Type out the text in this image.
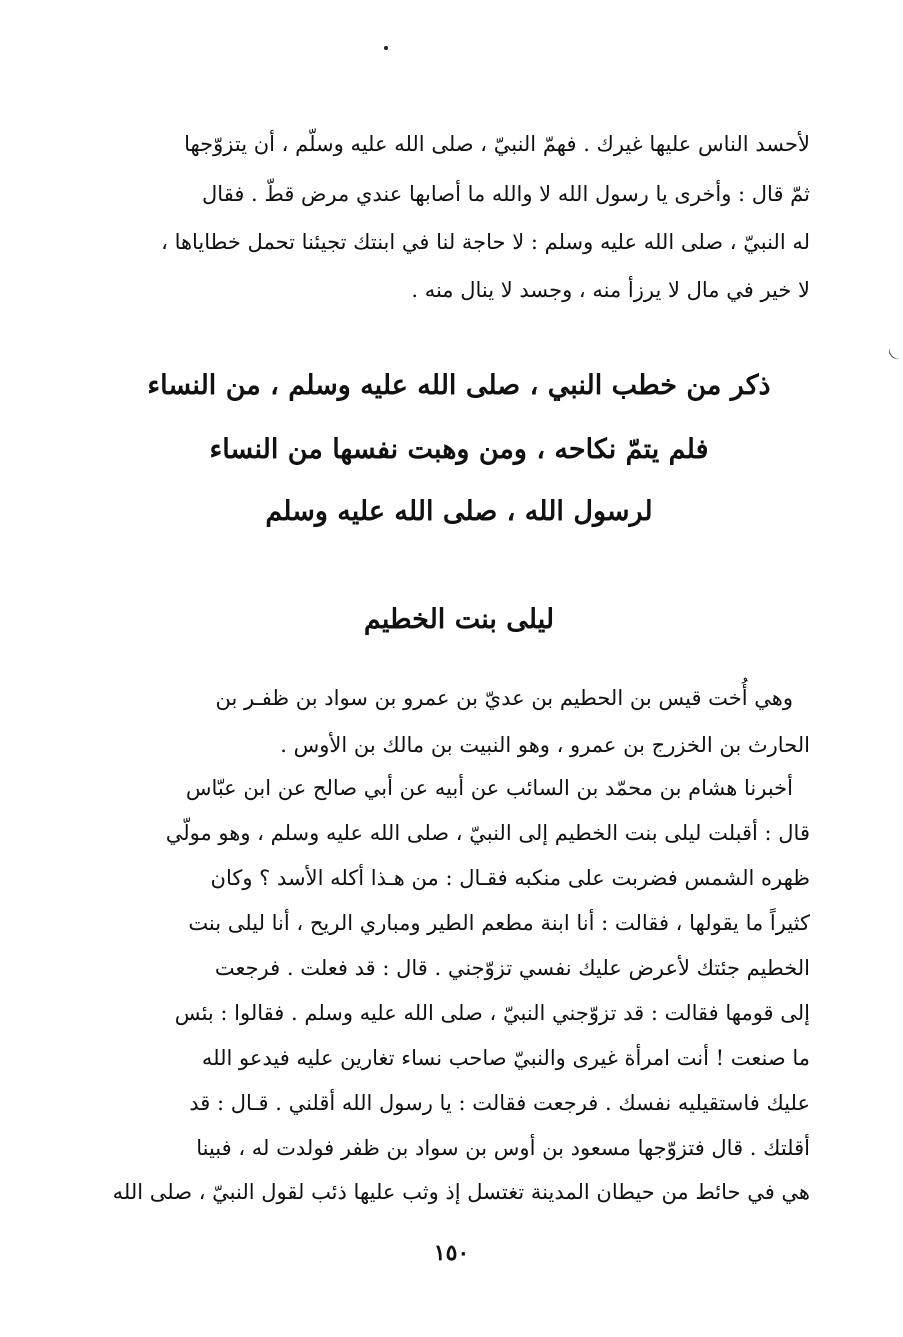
لأحسد الناس عليها غيرك . فهمّ النبيّ ، صلى الله عليه وسلّم ، أن يتزوّجها
ثمّ قال : وأخرى يا رسول الله لا والله ما أصابها عندي مرض قطّ . فقال
له النبيّ ، صلى الله عليه وسلم : لا حاجة لنا في ابنتك تجيئنا تحمل خطاياها ،
لا خير في مال لا يرزأ منه ، وجسد لا ينال منه .
ذكر من خطب النبي ، صلى الله عليه وسلم ، من النساء
فلم يتمّ نكاحه ، ومن وهبت نفسها من النساء
لرسول الله ، صلى الله عليه وسلم
ليلى بنت الخطيم
وهي أُخت قيس بن الحطيم بن عديّ بن عمرو بن سواد بن ظفـر بن
الحارث بن الخزرج بن عمرو ، وهو النبيت بن مالك بن الأوس .
أخبرنا هشام بن محمّد بن السائب عن أبيه عن أبي صالح عن ابن عبّاس
قال : أقبلت ليلى بنت الخطيم إلى النبيّ ، صلى الله عليه وسلم ، وهو مولّي
ظهره الشمس فضربت على منكبه فقـال : من هـذا أكله الأسد ؟ وكان
كثيراً ما يقولها ، فقالت : أنا ابنة مطعم الطير ومباري الريح ، أنا ليلى بنت
الخطيم جئتك لأعرض عليك نفسي تزوّجني . قال : قد فعلت . فرجعت
إلى قومها فقالت : قد تزوّجني النبيّ ، صلى الله عليه وسلم . فقالوا : بئس
ما صنعت ! أنت امرأة غيرى والنبيّ صاحب نساء تغارين عليه فيدعو الله
عليك فاستقيليه نفسك . فرجعت فقالت : يا رسول الله أقلني . قـال : قد
أقلتك . قال فتزوّجها مسعود بن أوس بن سواد بن ظفر فولدت له ، فبينا
هي في حائط من حيطان المدينة تغتسل إذ وثب عليها ذئب لقول النبيّ ، صلى الله
١٥٠
